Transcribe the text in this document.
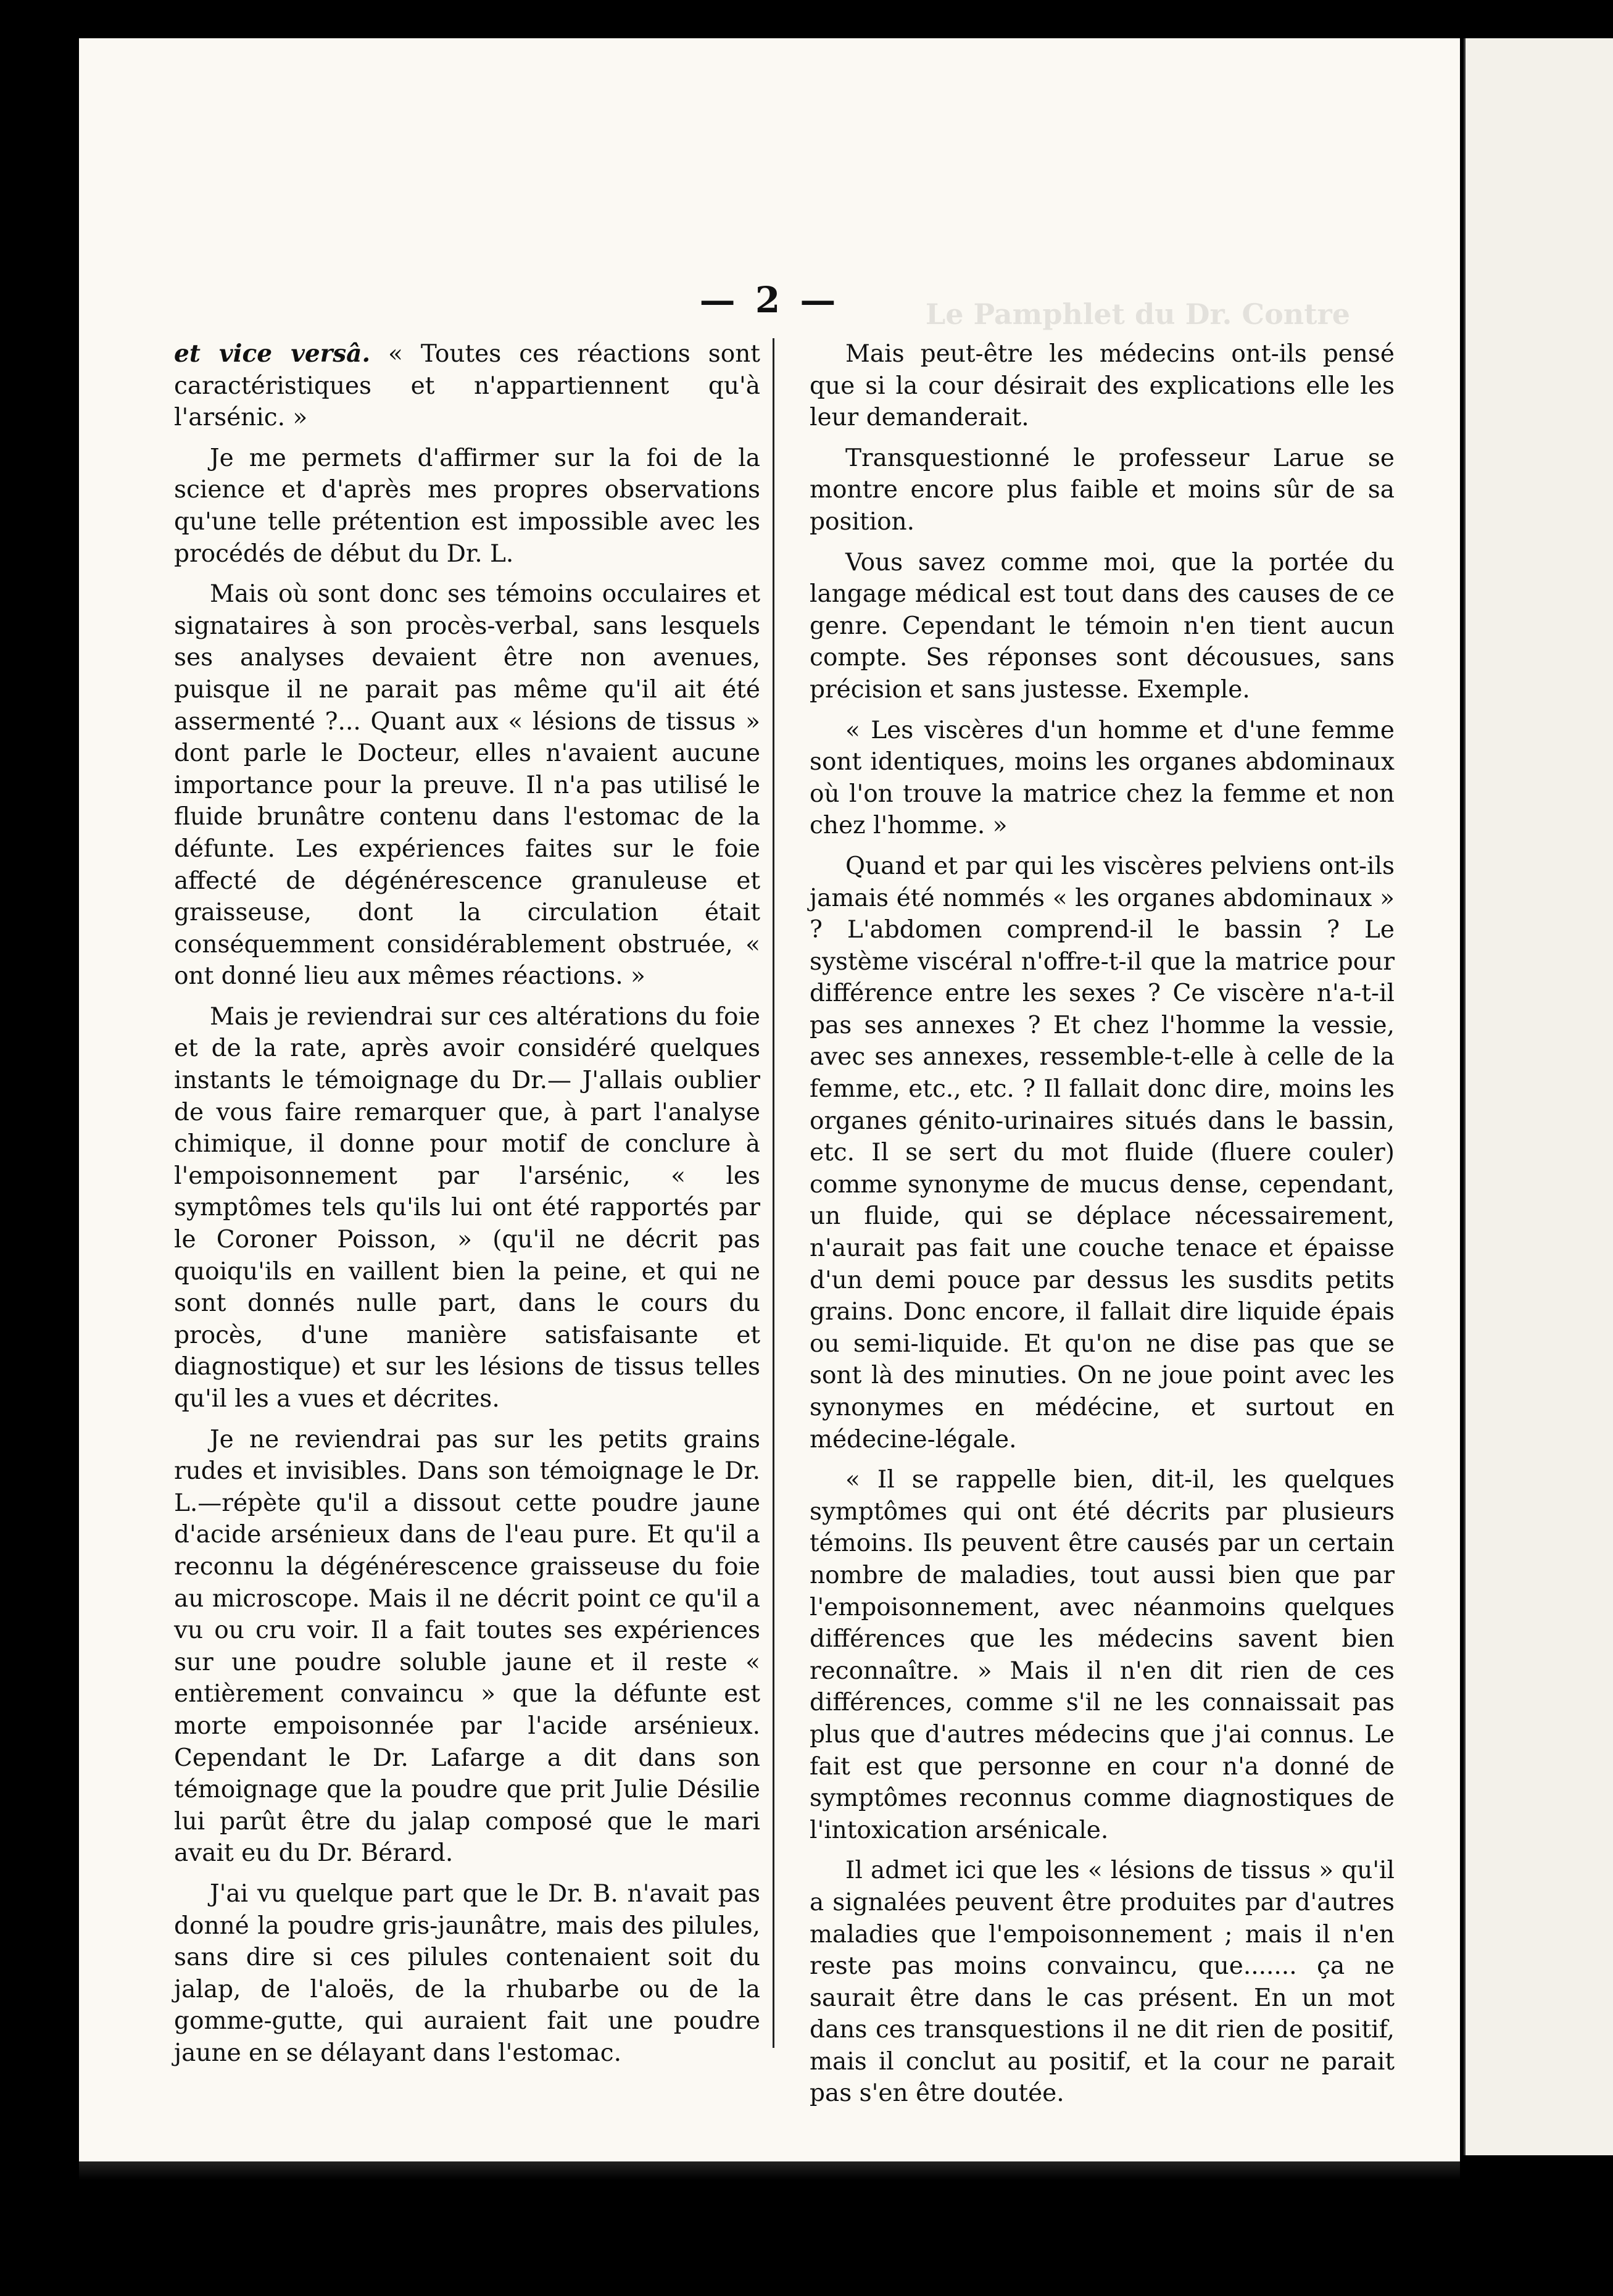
Le Pamphlet du Dr. Contre
— 2 —

et vice versâ. « Toutes ces réactions sont caractéristiques et n'appartiennent qu'à l'arsénic. »

Je me permets d'affirmer sur la foi de la science et d'après mes propres observations qu'une telle prétention est impossible avec les procédés de début du Dr. L.

Mais où sont donc ses témoins occulaires et signataires à son procès-verbal, sans lesquels ses analyses devaient être non avenues, puisque il ne parait pas même qu'il ait été assermenté ?... Quant aux « lésions de tissus » dont parle le Docteur, elles n'avaient aucune importance pour la preuve. Il n'a pas utilisé le fluide brunâtre contenu dans l'estomac de la défunte. Les expériences faites sur le foie affecté de dégénérescence granuleuse et graisseuse, dont la circulation était conséquemment considérablement obstruée, « ont donné lieu aux mêmes réactions. »

Mais je reviendrai sur ces altérations du foie et de la rate, après avoir considéré quelques instants le témoignage du Dr.— J'allais oublier de vous faire remarquer que, à part l'analyse chimique, il donne pour motif de conclure à l'empoisonnement par l'arsénic, « les symptômes tels qu'ils lui ont été rapportés par le Coroner Poisson, » (qu'il ne décrit pas quoiqu'ils en vaillent bien la peine, et qui ne sont donnés nulle part, dans le cours du procès, d'une manière satisfaisante et diagnostique) et sur les lésions de tissus telles qu'il les a vues et décrites.

Je ne reviendrai pas sur les petits grains rudes et invisibles. Dans son témoignage le Dr. L.—répète qu'il a dissout cette poudre jaune d'acide arsénieux dans de l'eau pure. Et qu'il a reconnu la dégénérescence graisseuse du foie au microscope. Mais il ne décrit point ce qu'il a vu ou cru voir. Il a fait toutes ses expériences sur une poudre soluble jaune et il reste « entièrement convaincu » que la défunte est morte empoisonnée par l'acide arsénieux. Cependant le Dr. Lafarge a dit dans son témoignage que la poudre que prit Julie Désilie lui parût être du jalap composé que le mari avait eu du Dr. Bérard.

J'ai vu quelque part que le Dr. B. n'avait pas donné la poudre gris-jaunâtre, mais des pilules, sans dire si ces pilules contenaient soit du jalap, de l'aloës, de la rhubarbe ou de la gomme-gutte, qui auraient fait une poudre jaune en se délayant dans l'estomac.

Mais peut-être les médecins ont-ils pensé que si la cour désirait des explications elle les leur demanderait.

Transquestionné le professeur Larue se montre encore plus faible et moins sûr de sa position.

Vous savez comme moi, que la portée du langage médical est tout dans des causes de ce genre. Cependant le témoin n'en tient aucun compte. Ses réponses sont décousues, sans précision et sans justesse. Exemple.

« Les viscères d'un homme et d'une femme sont identiques, moins les organes abdominaux où l'on trouve la matrice chez la femme et non chez l'homme. »

Quand et par qui les viscères pelviens ont-ils jamais été nommés « les organes abdominaux » ? L'abdomen comprend-il le bassin ? Le système viscéral n'offre-t-il que la matrice pour différence entre les sexes ? Ce viscère n'a-t-il pas ses annexes ? Et chez l'homme la vessie, avec ses annexes, ressemble-t-elle à celle de la femme, etc., etc. ? Il fallait donc dire, moins les organes génito-urinaires situés dans le bassin, etc. Il se sert du mot fluide (fluere couler) comme synonyme de mucus dense, cependant, un fluide, qui se déplace nécessairement, n'aurait pas fait une couche tenace et épaisse d'un demi pouce par dessus les susdits petits grains. Donc encore, il fallait dire liquide épais ou semi-liquide. Et qu'on ne dise pas que se sont là des minuties. On ne joue point avec les synonymes en médécine, et surtout en médecine-légale.

« Il se rappelle bien, dit-il, les quelques symptômes qui ont été décrits par plusieurs témoins. Ils peuvent être causés par un certain nombre de maladies, tout aussi bien que par l'empoisonnement, avec néanmoins quelques différences que les médecins savent bien reconnaître. » Mais il n'en dit rien de ces différences, comme s'il ne les connaissait pas plus que d'autres médecins que j'ai connus. Le fait est que personne en cour n'a donné de symptômes reconnus comme diagnostiques de l'intoxication arsénicale.

Il admet ici que les « lésions de tissus » qu'il a signalées peuvent être produites par d'autres maladies que l'empoisonnement ; mais il n'en reste pas moins convaincu, que....... ça ne saurait être dans le cas présent. En un mot dans ces transquestions il ne dit rien de positif, mais il conclut au positif, et la cour ne parait pas s'en être doutée.
